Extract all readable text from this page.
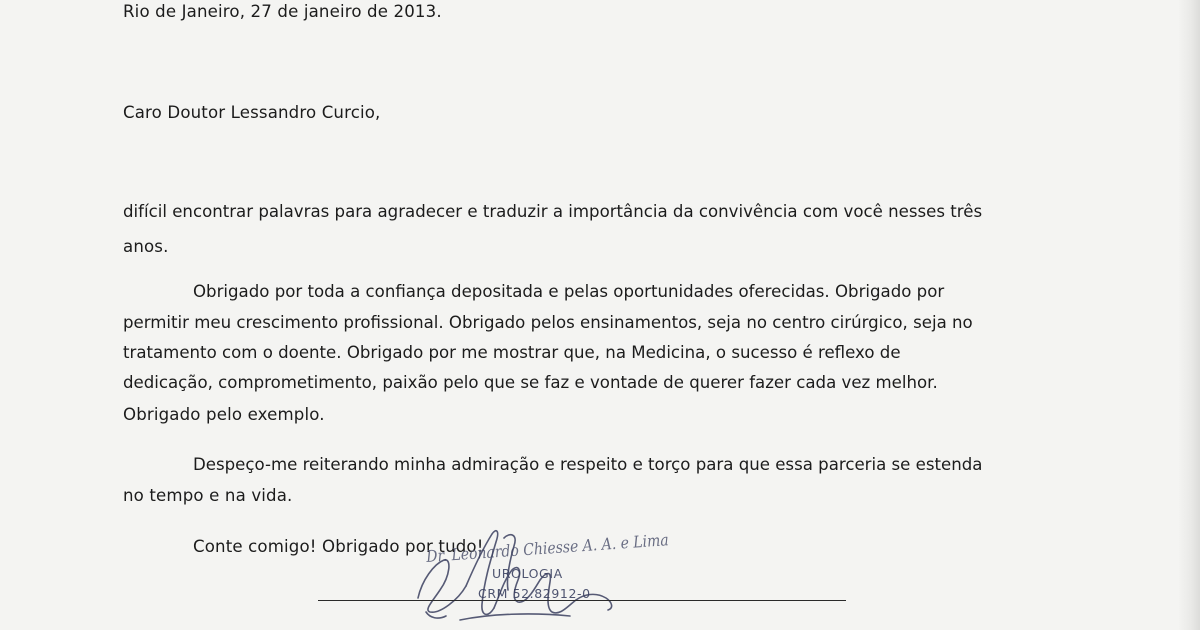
Rio de Janeiro, 27 de janeiro de 2013.

Caro Doutor Lessandro Curcio,

difícil encontrar palavras para agradecer e traduzir a importância da convivência com você nesses três

anos.

Obrigado por toda a confiança depositada e pelas oportunidades oferecidas. Obrigado por

permitir meu crescimento profissional. Obrigado pelos ensinamentos, seja no centro cirúrgico, seja no

tratamento com o doente. Obrigado por me mostrar que, na Medicina, o sucesso é reflexo de

dedicação, comprometimento, paixão pelo que se faz e vontade de querer fazer cada vez melhor.

Obrigado pelo exemplo.

Despeço-me reiterando minha admiração e respeito e torço para que essa parceria se estenda

no tempo e na vida.

Conte comigo! Obrigado por tudo!

Dr. Leonardo Chiesse A. A. e Lima
UROLOGIA
CRM 52.82912-0
